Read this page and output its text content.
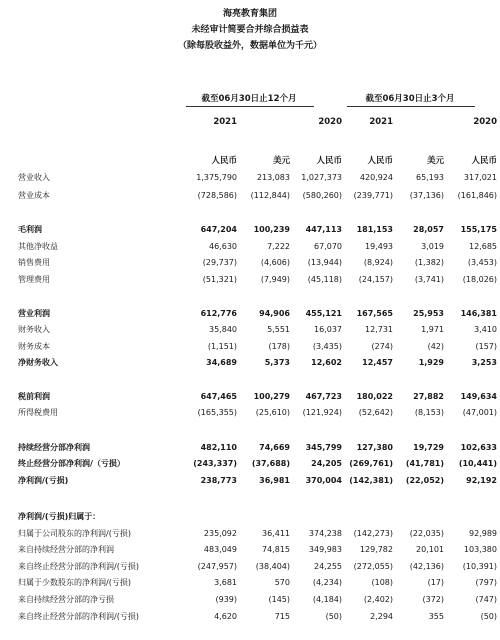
海亮教育集团
未经审计简要合并综合损益表
（除每股收益外，数据单位为千元）
截至06月30日止12个月	截至06月30日止3个月
2021	2020	2021	2020
人民币	美元	人民币	人民币	美元	人民币
营业收入	1,375,790	213,083	1,027,373	420,924	65,193	317,021
营业成本	(728,586)	(112,844)	(580,260)	(239,771)	(37,136)	(161,846)
毛利润	647,204	100,239	447,113	181,153	28,057	155,175
其他净收益	46,630	7,222	67,070	19,493	3,019	12,685
销售费用	(29,737)	(4,606)	(13,944)	(8,924)	(1,382)	(3,453)
管理费用	(51,321)	(7,949)	(45,118)	(24,157)	(3,741)	(18,026)
营业利润	612,776	94,906	455,121	167,565	25,953	146,381
财务收入	35,840	5,551	16,037	12,731	1,971	3,410
财务成本	(1,151)	(178)	(3,435)	(274)	(42)	(157)
净财务收入	34,689	5,373	12,602	12,457	1,929	3,253
税前利润	647,465	100,279	467,723	180,022	27,882	149,634
所得税费用	(165,355)	(25,610)	(121,924)	(52,642)	(8,153)	(47,001)
持续经营分部净利润	482,110	74,669	345,799	127,380	19,729	102,633
终止经营分部净利润/（亏损）	(243,337)	(37,688)	24,205 (269,761)	(41,781)	(10,441)
净利润/(亏损)	238,773	36,981	370,004 (142,381)	(22,052)	92,192
净利润/(亏损)归属于：
归属于公司股东的净利润/(亏损)	235,092	36,411	374,238	(142,273)	(22,035)	92,989
来自持续经营分部的净利润	483,049	74,815	349,983	129,782	20,101	103,380
来自终止经营分部的净利润/(亏损)	(247,957)	(38,404)	24,255	(272,055)	(42,136)	(10,391)
归属于少数股东的净利润/(亏损)	3,681	570	(4,234)	(108)	(17)	(797)
来自持续经营分部的净亏损	(939)	(145)	(4,184)	(2,402)	(372)	(747)
来自终止经营分部的净利润/(亏损)	4,620	715	(50)	2,294	355	(50)
